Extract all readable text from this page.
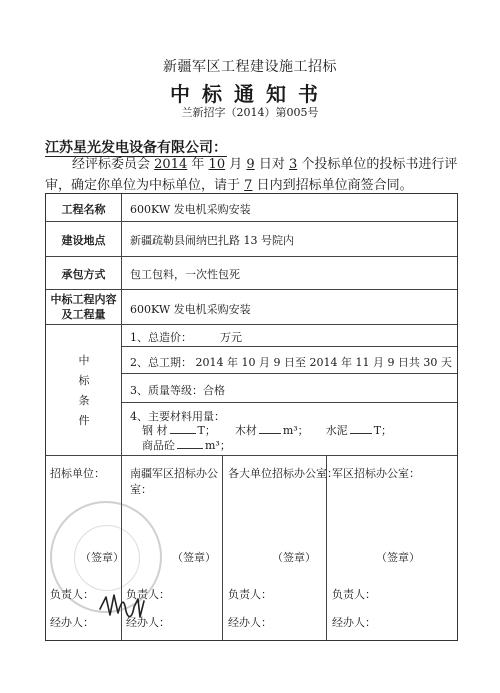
新疆军区工程建设施工招标
中标通知书
兰新招字（2014）第005号
江苏星光发电设备有限公司：
经评标委员会 2014 年 10 月 9 日对 3 个投标单位的投标书进行评
审，确定你单位为中标单位，请于 7 日内到招标单位商签合同。
工程名称	600KW 发电机采购安装
建设地点	新疆疏勒县闹纳巴扎路 13 号院内
承包方式	包工包料，一次性包死
中标工程内容
及工程量	600KW 发电机采购安装
中
标
条
件
1、总造价：	万元
2、总工期： 2014 年 10 月 9 日至 2014 年 11 月 9 日共 30 天
3、质量等级：合格
4、主要材料用量：
钢 材	T； 木材 m³； 水泥 T；
商品砼	m³；
招标单位：
（签章）
负责人：
经办人：
南疆军区招标办公
室：
（签章）
负责人：
经办人：
各大单位招标办公室：
（签章）
负责人：
经办人：
军区招标办公室：
（签章）
负责人：
经办人：
